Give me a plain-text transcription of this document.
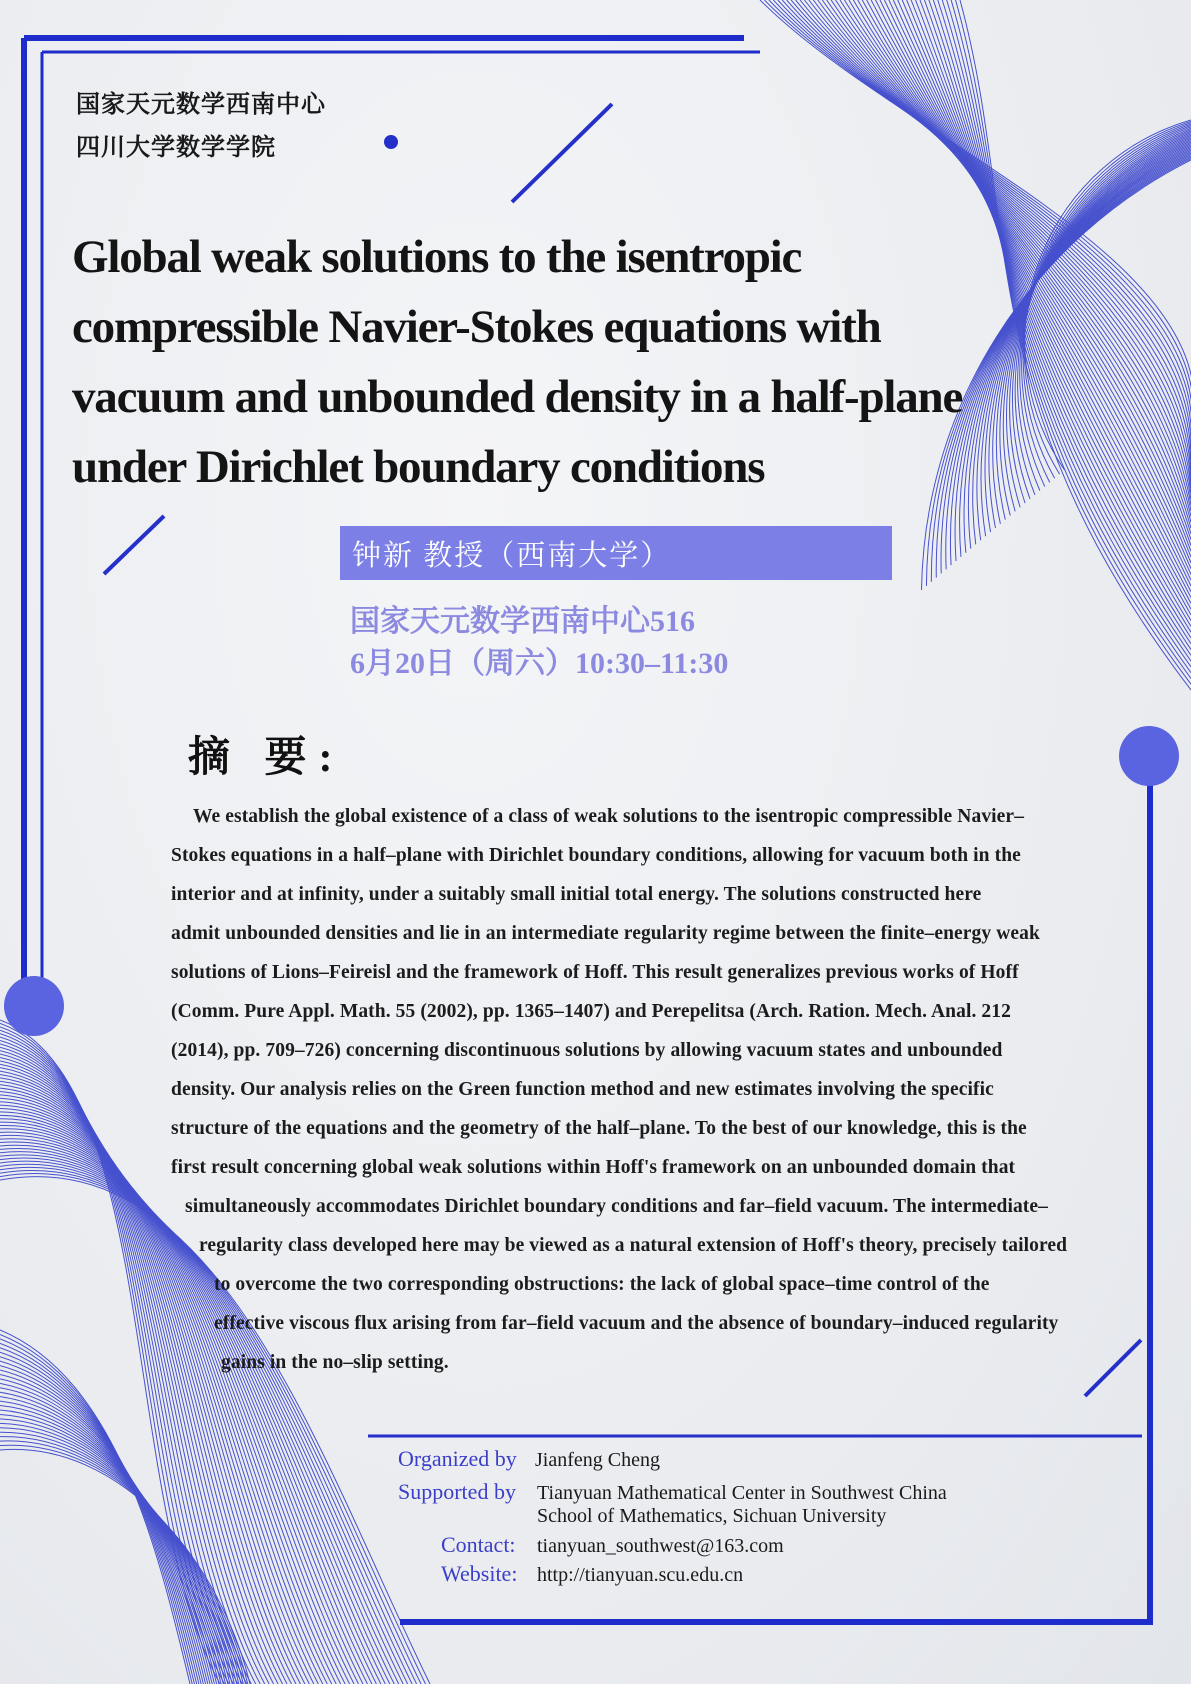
国家天元数学西南中心
四川大学数学学院
Global weak solutions to the isentropic compressible Navier-Stokes equations with vacuum and unbounded density in a half-plane under Dirichlet boundary conditions
钟新 教授（西南大学）
国家天元数学西南中心516
6月20日（周六）10:30–11:30
摘 要:
We establish the global existence of a class of weak solutions to the isentropic compressible Navier–
Stokes equations in a half–plane with Dirichlet boundary conditions, allowing for vacuum both in the
interior and at infinity, under a suitably small initial total energy. The solutions constructed here
admit unbounded densities and lie in an intermediate regularity regime between the finite–energy weak
solutions of Lions–Feireisl and the framework of Hoff. This result generalizes previous works of Hoff
(Comm. Pure Appl. Math. 55 (2002), pp. 1365–1407) and Perepelitsa (Arch. Ration. Mech. Anal. 212
(2014), pp. 709–726) concerning discontinuous solutions by allowing vacuum states and unbounded
density. Our analysis relies on the Green function method and new estimates involving the specific
structure of the equations and the geometry of the half–plane. To the best of our knowledge, this is the
first result concerning global weak solutions within Hoff's framework on an unbounded domain that
simultaneously accommodates Dirichlet boundary conditions and far–field vacuum. The intermediate–
regularity class developed here may be viewed as a natural extension of Hoff's theory, precisely tailored
to overcome the two corresponding obstructions: the lack of global space–time control of the
effective viscous flux arising from far–field vacuum and the absence of boundary–induced regularity
gains in the no–slip setting.
Organized by Jianfeng Cheng
Supported by Tianyuan Mathematical Center in Southwest China
School of Mathematics, Sichuan University
Contact: tianyuan_southwest@163.com
Website: http://tianyuan.scu.edu.cn
